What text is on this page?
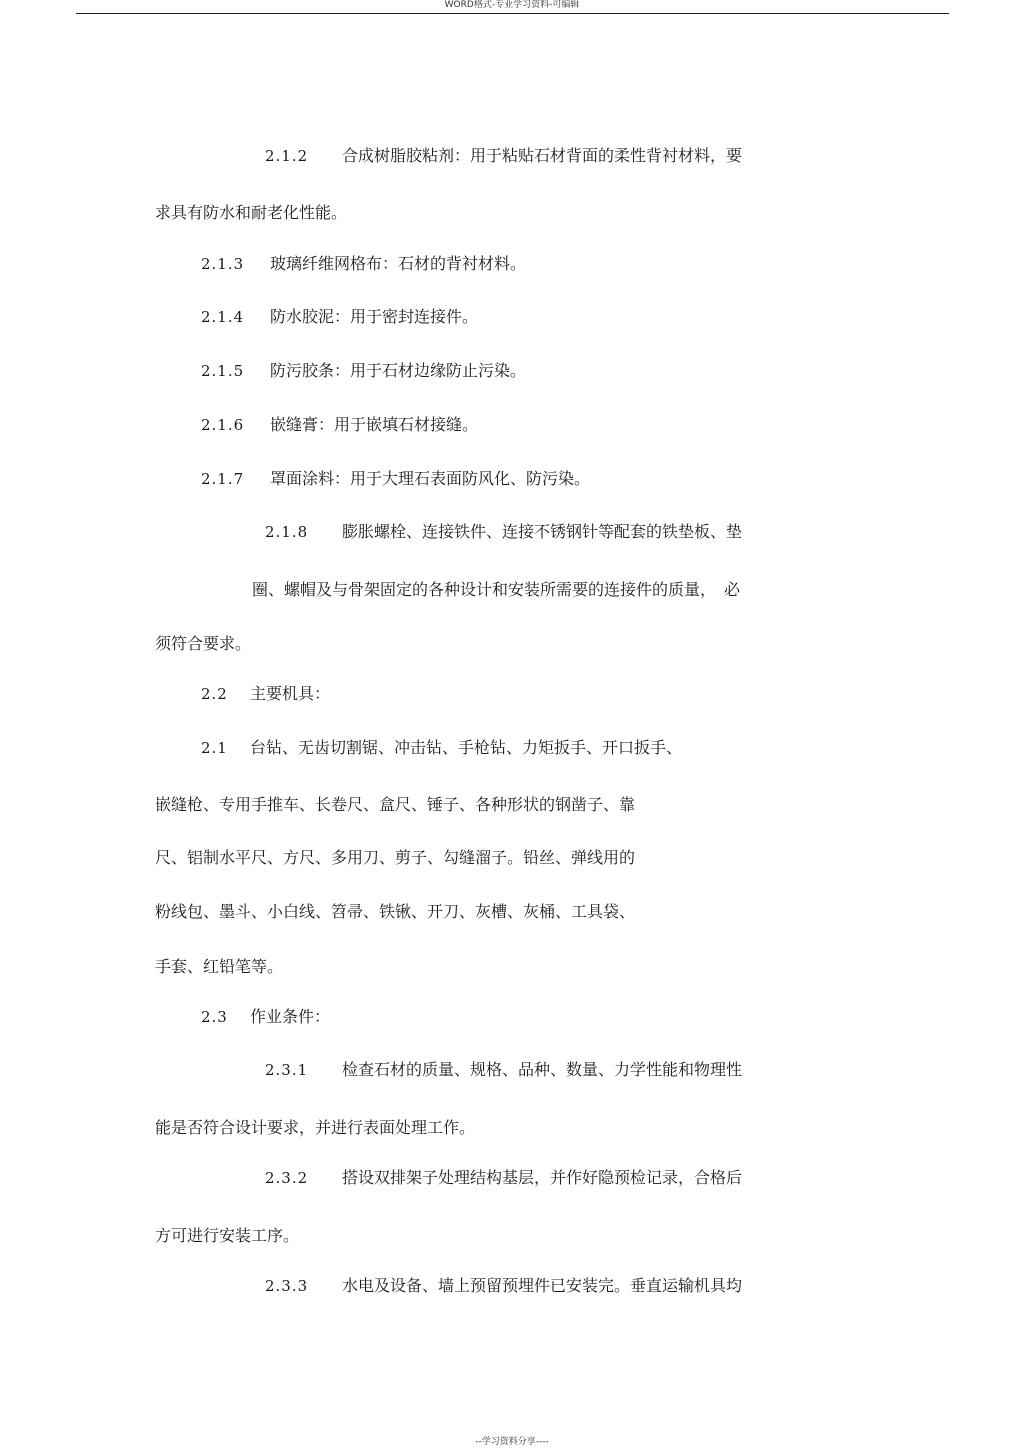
WORD格式-专业学习资料-可编辑
2.1.2 合成树脂胶粘剂：用于粘贴石材背面的柔性背衬材料，要
求具有防水和耐老化性能。
2.1.3 玻璃纤维网格布：石材的背衬材料。
2.1.4 防水胶泥：用于密封连接件。
2.1.5 防污胶条：用于石材边缘防止污染。
2.1.6 嵌缝膏：用于嵌填石材接缝。
2.1.7 罩面涂料：用于大理石表面防风化、防污染。
2.1.8 膨胀螺栓、连接铁件、连接不锈钢针等配套的铁垫板、垫
圈、螺帽及与骨架固定的各种设计和安装所需要的连接件的质量，　必
须符合要求。
2.2 主要机具：
2.1 台钻、无齿切割锯、冲击钻、手枪钻、力矩扳手、开口扳手、
嵌缝枪、专用手推车、长卷尺、盒尺、锤子、各种形状的钢凿子、靠
尺、铝制水平尺、方尺、多用刀、剪子、勾缝溜子。铅丝、弹线用的
粉线包、墨斗、小白线、笤帚、铁锹、开刀、灰槽、灰桶、工具袋、
手套、红铅笔等。
2.3 作业条件：
2.3.1 检查石材的质量、规格、品种、数量、力学性能和物理性
能是否符合设计要求，并进行表面处理工作。
2.3.2 搭设双排架子处理结构基层，并作好隐预检记录，合格后
方可进行安装工序。
2.3.3 水电及设备、墙上预留预埋件已安装完。垂直运输机具均
--学习资料分享----
